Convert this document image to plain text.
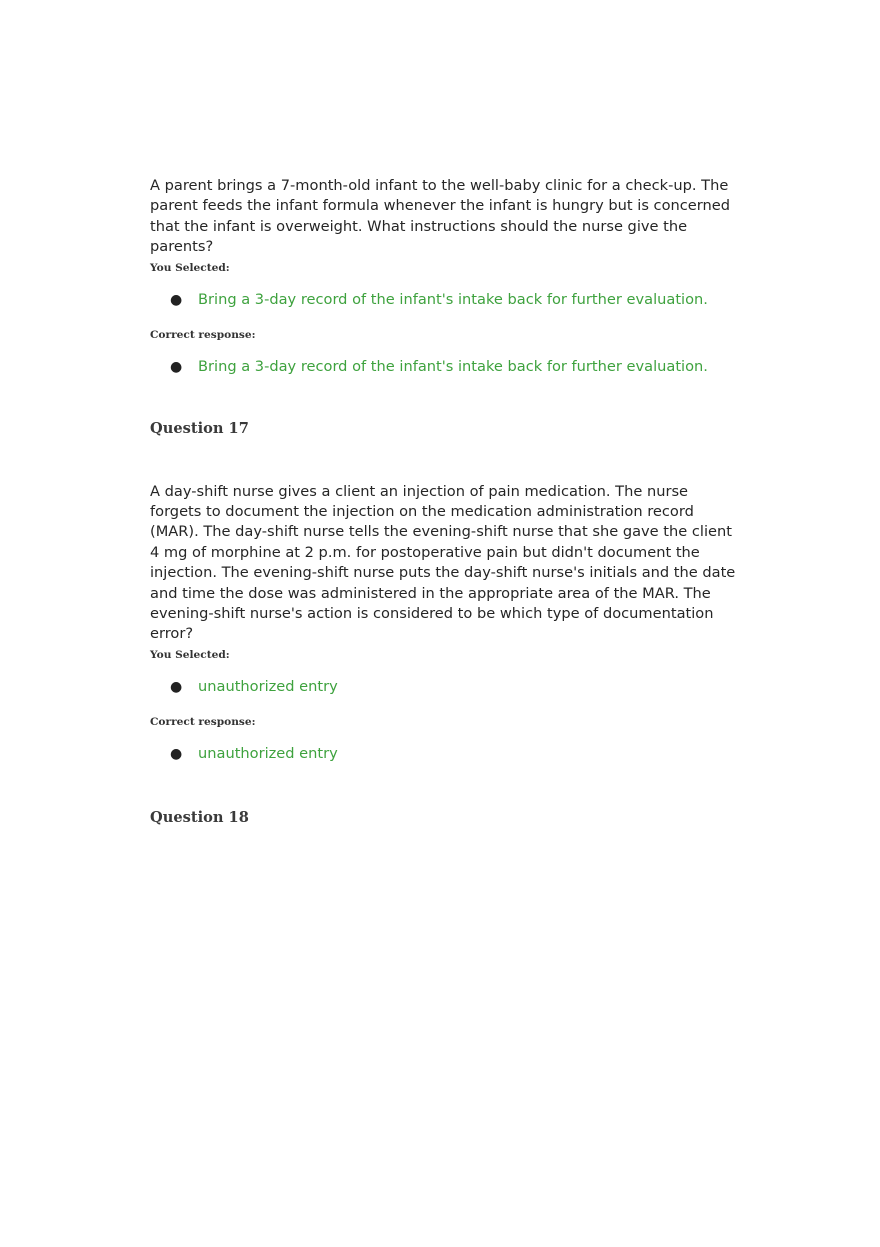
A parent brings a 7-month-old infant to the well-baby clinic for a check-up. The parent feeds the infant formula whenever the infant is hungry but is concerned that the infant is overweight. What instructions should the nurse give the parents?

You Selected:

● Bring a 3-day record of the infant's intake back for further evaluation.

Correct response:

● Bring a 3-day record of the infant's intake back for further evaluation.
Question 17

A day-shift nurse gives a client an injection of pain medication. The nurse forgets to document the injection on the medication administration record (MAR). The day-shift nurse tells the evening-shift nurse that she gave the client 4 mg of morphine at 2 p.m. for postoperative pain but didn't document the injection. The evening-shift nurse puts the day-shift nurse's initials and the date and time the dose was administered in the appropriate area of the MAR. The evening-shift nurse's action is considered to be which type of documentation error?

You Selected:

● unauthorized entry

Correct response:

● unauthorized entry
Question 18
